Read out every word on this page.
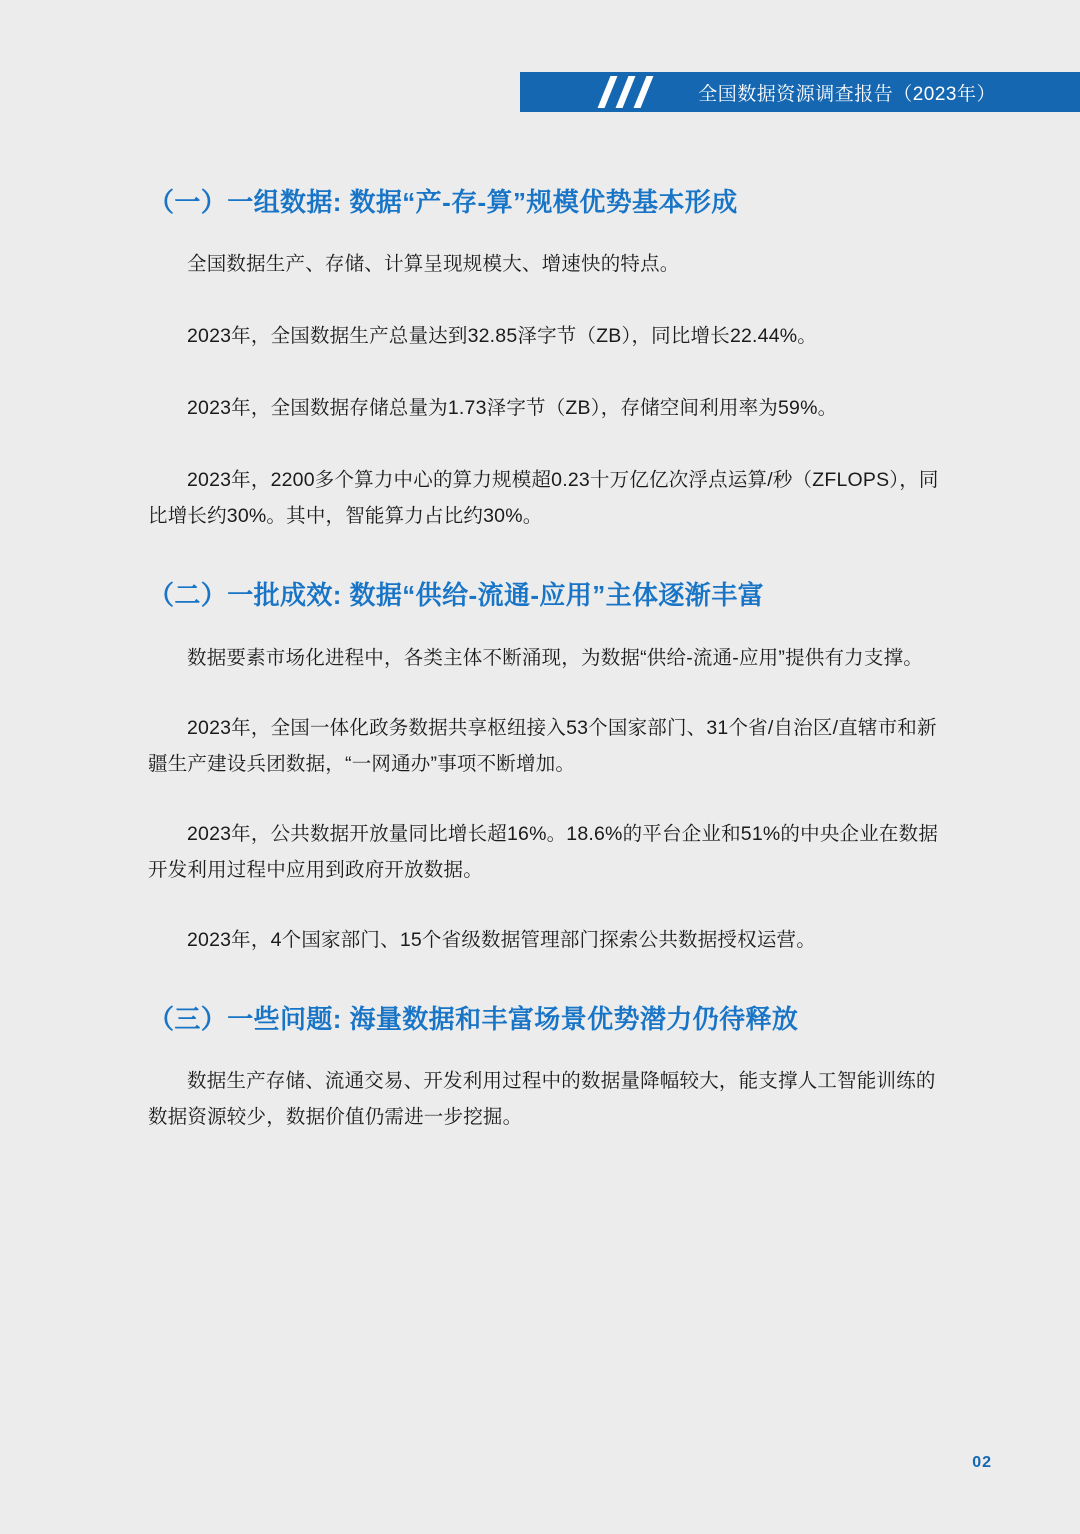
全国数据资源调查报告（2023年）
（一）一组数据: 数据“产-存-算”规模优势基本形成

全国数据生产、存储、计算呈现规模大、增速快的特点。

2023年，全国数据生产总量达到32.85泽字节（ZB），同比增长22.44%。

2023年，全国数据存储总量为1.73泽字节（ZB），存储空间利用率为59%。

2023年，2200多个算力中心的算力规模超0.23十万亿亿次浮点运算/秒（ZFLOPS），同比增长约30%。其中，智能算力占比约30%。

（二）一批成效: 数据“供给-流通-应用”主体逐渐丰富

数据要素市场化进程中，各类主体不断涌现，为数据“供给-流通-应用”提供有力支撑。

2023年，全国一体化政务数据共享枢纽接入53个国家部门、31个省/自治区/直辖市和新疆生产建设兵团数据，“一网通办”事项不断增加。

2023年，公共数据开放量同比增长超16%。18.6%的平台企业和51%的中央企业在数据开发利用过程中应用到政府开放数据。

2023年，4个国家部门、15个省级数据管理部门探索公共数据授权运营。

（三）一些问题: 海量数据和丰富场景优势潜力仍待释放

数据生产存储、流通交易、开发利用过程中的数据量降幅较大，能支撑人工智能训练的数据资源较少，数据价值仍需进一步挖掘。

02
